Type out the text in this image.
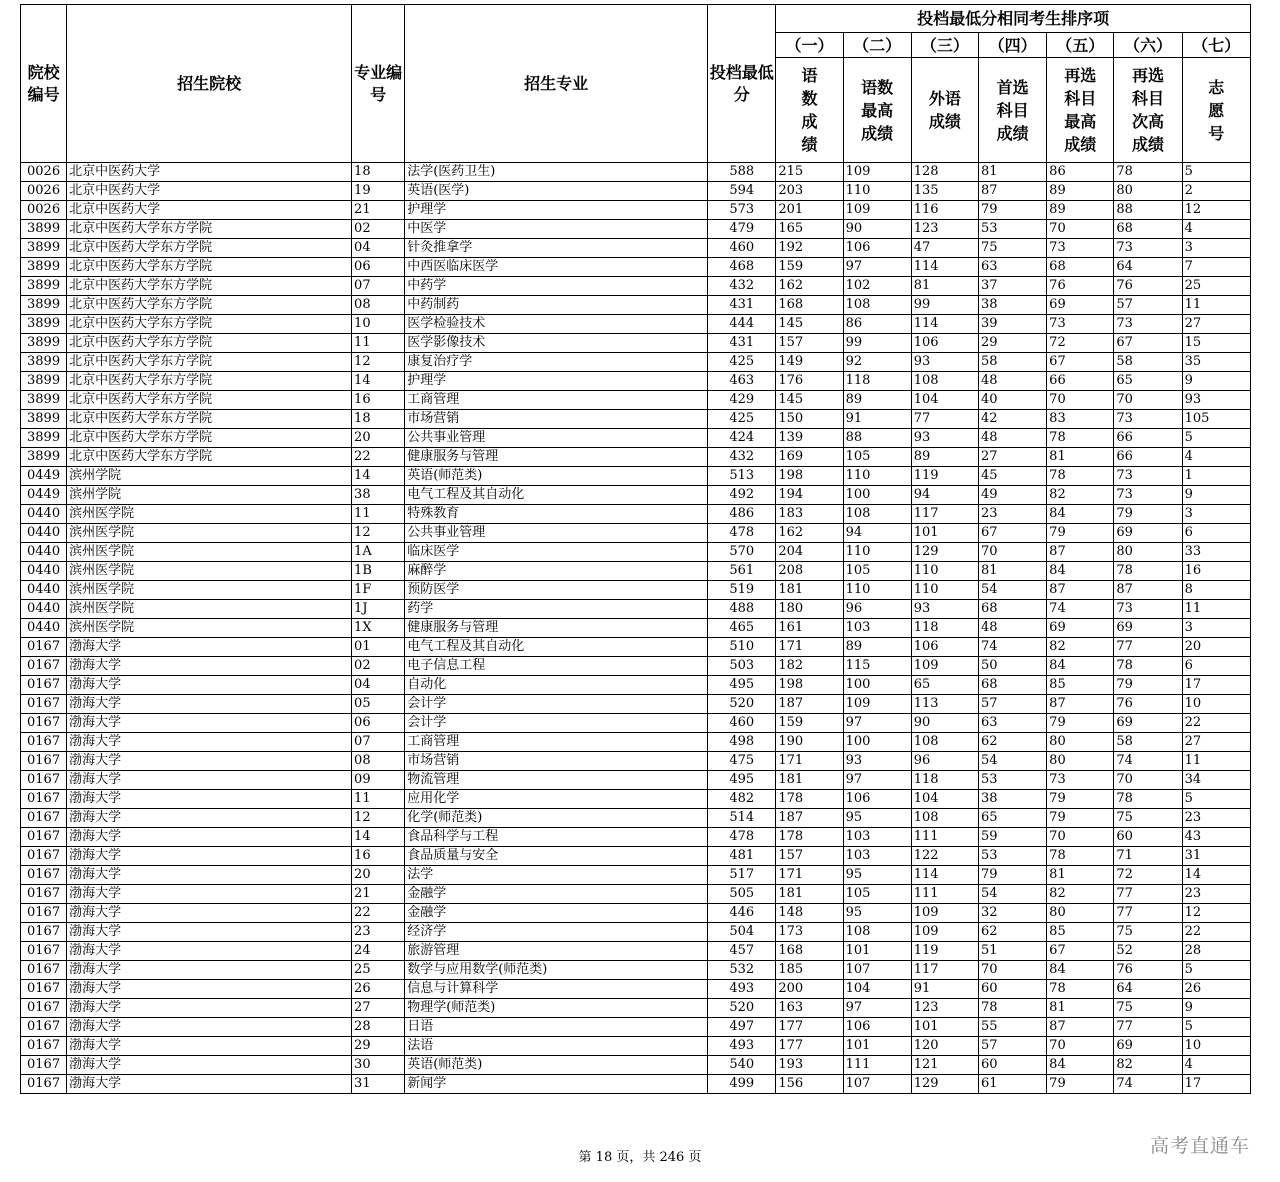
院校编号	招生院校	专业编号	招生专业	投档最低分	投档最低分相同考生排序项						
					（一）	（二）	（三）	（四）	（五）	（六）	（七）
					语数成绩	语数最高成绩	外语成绩	首选科目成绩	再选科目最高成绩	再选科目次高成绩	志愿号
0026	北京中医药大学	18	法学(医药卫生)	588	215	109	128	81	86	78	5
0026	北京中医药大学	19	英语(医学)	594	203	110	135	87	89	80	2
0026	北京中医药大学	21	护理学	573	201	109	116	79	89	88	12
3899	北京中医药大学东方学院	02	中医学	479	165	90	123	53	70	68	4
3899	北京中医药大学东方学院	04	针灸推拿学	460	192	106	47	75	73	73	3
3899	北京中医药大学东方学院	06	中西医临床医学	468	159	97	114	63	68	64	7
3899	北京中医药大学东方学院	07	中药学	432	162	102	81	37	76	76	25
3899	北京中医药大学东方学院	08	中药制药	431	168	108	99	38	69	57	11
3899	北京中医药大学东方学院	10	医学检验技术	444	145	86	114	39	73	73	27
3899	北京中医药大学东方学院	11	医学影像技术	431	157	99	106	29	72	67	15
3899	北京中医药大学东方学院	12	康复治疗学	425	149	92	93	58	67	58	35
3899	北京中医药大学东方学院	14	护理学	463	176	118	108	48	66	65	9
3899	北京中医药大学东方学院	16	工商管理	429	145	89	104	40	70	70	93
3899	北京中医药大学东方学院	18	市场营销	425	150	91	77	42	83	73	105
3899	北京中医药大学东方学院	20	公共事业管理	424	139	88	93	48	78	66	5
3899	北京中医药大学东方学院	22	健康服务与管理	432	169	105	89	27	81	66	4
0449	滨州学院	14	英语(师范类)	513	198	110	119	45	78	73	1
0449	滨州学院	38	电气工程及其自动化	492	194	100	94	49	82	73	9
0440	滨州医学院	11	特殊教育	486	183	108	117	23	84	79	3
0440	滨州医学院	12	公共事业管理	478	162	94	101	67	79	69	6
0440	滨州医学院	1A	临床医学	570	204	110	129	70	87	80	33
0440	滨州医学院	1B	麻醉学	561	208	105	110	81	84	78	16
0440	滨州医学院	1F	预防医学	519	181	110	110	54	87	87	8
0440	滨州医学院	1J	药学	488	180	96	93	68	74	73	11
0440	滨州医学院	1X	健康服务与管理	465	161	103	118	48	69	69	3
0167	渤海大学	01	电气工程及其自动化	510	171	89	106	74	82	77	20
0167	渤海大学	02	电子信息工程	503	182	115	109	50	84	78	6
0167	渤海大学	04	自动化	495	198	100	65	68	85	79	17
0167	渤海大学	05	会计学	520	187	109	113	57	87	76	10
0167	渤海大学	06	会计学	460	159	97	90	63	79	69	22
0167	渤海大学	07	工商管理	498	190	100	108	62	80	58	27
0167	渤海大学	08	市场营销	475	171	93	96	54	80	74	11
0167	渤海大学	09	物流管理	495	181	97	118	53	73	70	34
0167	渤海大学	11	应用化学	482	178	106	104	38	79	78	5
0167	渤海大学	12	化学(师范类)	514	187	95	108	65	79	75	23
0167	渤海大学	14	食品科学与工程	478	178	103	111	59	70	60	43
0167	渤海大学	16	食品质量与安全	481	157	103	122	53	78	71	31
0167	渤海大学	20	法学	517	171	95	114	79	81	72	14
0167	渤海大学	21	金融学	505	181	105	111	54	82	77	23
0167	渤海大学	22	金融学	446	148	95	109	32	80	77	12
0167	渤海大学	23	经济学	504	173	108	109	62	85	75	22
0167	渤海大学	24	旅游管理	457	168	101	119	51	67	52	28
0167	渤海大学	25	数学与应用数学(师范类)	532	185	107	117	70	84	76	5
0167	渤海大学	26	信息与计算科学	493	200	104	91	60	78	64	26
0167	渤海大学	27	物理学(师范类)	520	163	97	123	78	81	75	9
0167	渤海大学	28	日语	497	177	106	101	55	87	77	5
0167	渤海大学	29	法语	493	177	101	120	57	70	69	10
0167	渤海大学	30	英语(师范类)	540	193	111	121	60	84	82	4
0167	渤海大学	31	新闻学	499	156	107	129	61	79	74	17
第 18 页，共 246 页
高考直通车
